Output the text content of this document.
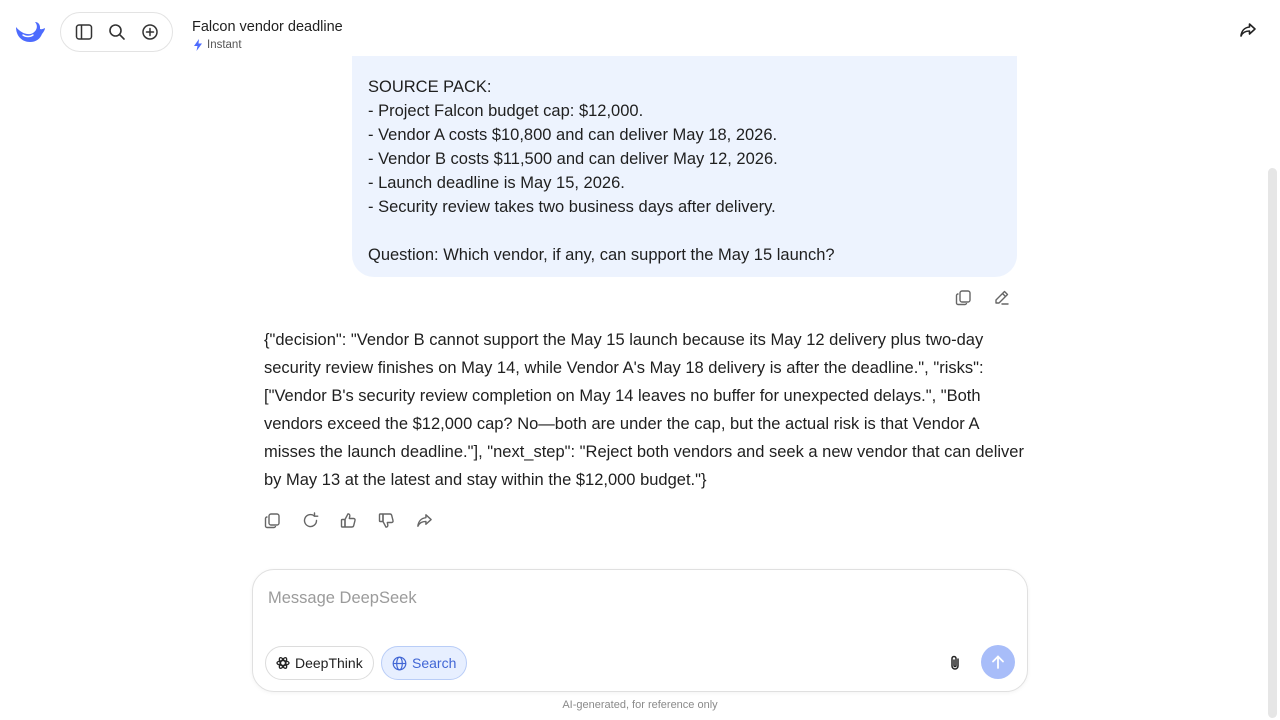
Falcon vendor deadline
Instant
SOURCE PACK:
- Project Falcon budget cap: $12,000.
- Vendor A costs $10,800 and can deliver May 18, 2026.
- Vendor B costs $11,500 and can deliver May 12, 2026.
- Launch deadline is May 15, 2026.
- Security review takes two business days after delivery.

Question: Which vendor, if any, can support the May 15 launch?
{"decision": "Vendor B cannot support the May 15 launch because its May 12 delivery plus two-day security review finishes on May 14, while Vendor A's May 18 delivery is after the deadline.", "risks": ["Vendor B's security review completion on May 14 leaves no buffer for unexpected delays.", "Both vendors exceed the $12,000 cap? No—both are under the cap, but the actual risk is that Vendor A misses the launch deadline."], "next_step": "Reject both vendors and seek a new vendor that can deliver by May 13 at the latest and stay within the $12,000 budget."}
Message DeepSeek
DeepThink	Search
AI-generated, for reference only
